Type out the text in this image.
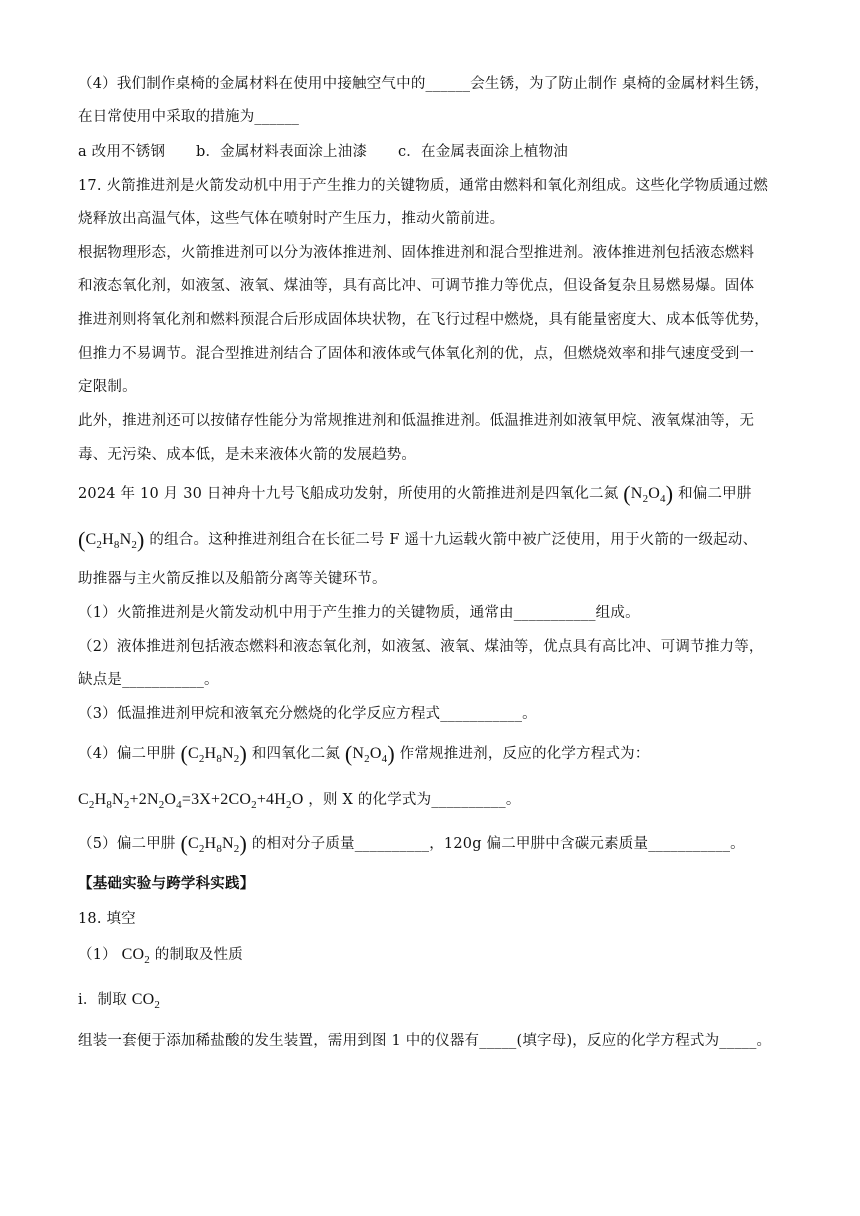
（4）我们制作桌椅的金属材料在使用中接触空气中的______会生锈，为了防止制作 桌椅的金属材料生锈，
在日常使用中采取的措施为______
a 改用不锈钢 b．金属材料表面涂上油漆 c．在金属表面涂上植物油
17. 火箭推进剂是火箭发动机中用于产生推力的关键物质，通常由燃料和氧化剂组成。这些化学物质通过燃
烧释放出高温气体，这些气体在喷射时产生压力，推动火箭前进。
根据物理形态，火箭推进剂可以分为液体推进剂、固体推进剂和混合型推进剂。液体推进剂包括液态燃料
和液态氧化剂，如液氢、液氧、煤油等，具有高比冲、可调节推力等优点，但设备复杂且易燃易爆。固体
推进剂则将氧化剂和燃料预混合后形成固体块状物，在飞行过程中燃烧，具有能量密度大、成本低等优势，
但推力不易调节。混合型推进剂结合了固体和液体或气体氧化剂的优，点，但燃烧效率和排气速度受到一
定限制。
此外，推进剂还可以按储存性能分为常规推进剂和低温推进剂。低温推进剂如液氧甲烷、液氧煤油等，无
毒、无污染、成本低，是未来液体火箭的发展趋势。
2024 年 10 月 30 日神舟十九号飞船成功发射，所使用的火箭推进剂是四氧化二氮 $(N_2O_4)$ 和偏二甲肼
$(C_2H_8N_2)$ 的组合。这种推进剂组合在长征二号 F 遥十九运载火箭中被广泛使用，用于火箭的一级起动、
助推器与主火箭反推以及船箭分离等关键环节。
（1）火箭推进剂是火箭发动机中用于产生推力的关键物质，通常由___________组成。
（2）液体推进剂包括液态燃料和液态氧化剂，如液氢、液氧、煤油等，优点具有高比冲、可调节推力等，
缺点是___________。
（3）低温推进剂甲烷和液氧充分燃烧的化学反应方程式___________。
（4）偏二甲肼 $(C_2H_8N_2)$ 和四氧化二氮 $(N_2O_4)$ 作常规推进剂，反应的化学方程式为：
$C_2H_8N_2+2N_2O_4=3X+2CO_2+4H_2O$ ，则 X 的化学式为__________。
（5）偏二甲肼 $(C_2H_8N_2)$ 的相对分子质量__________，120g 偏二甲肼中含碳元素质量___________。
【基础实验与跨学科实践】
18. 填空
（1） $CO_2$ 的制取及性质
i．制取 $CO_2$
组装一套便于添加稀盐酸的发生装置，需用到图 1 中的仪器有_____(填字母)，反应的化学方程式为_____。
